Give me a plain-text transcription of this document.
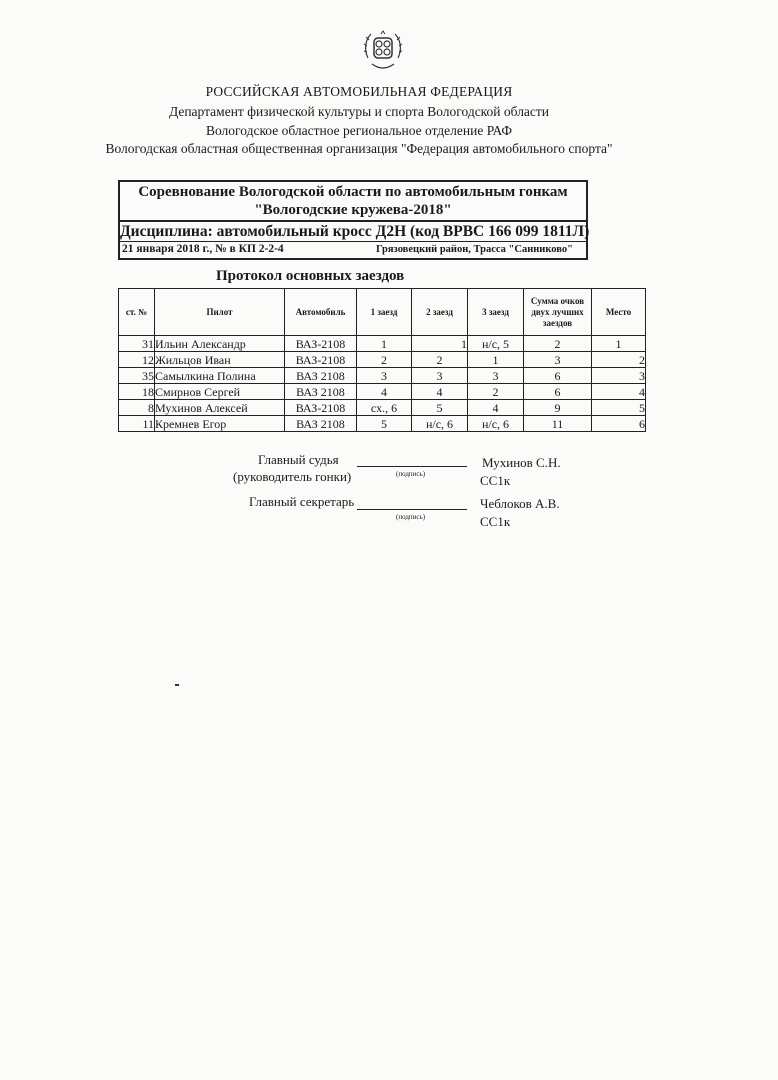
РОССИЙСКАЯ АВТОМОБИЛЬНАЯ ФЕДЕРАЦИЯ
Департамент физической культуры и спорта Вологодской области
Вологодское областное региональное отделение РАФ
Вологодская областная общественная организация "Федерация автомобильного спорта"
Соревнование Вологодской области по автомобильным гонкам
"Вологодские кружева-2018"
Дисциплина: автомобильный кросс Д2Н (код ВРВС 166 099 1811Л)
21 января 2018 г., № в КП 2-2-4	Грязовецкий район, Трасса "Санниково"
Протокол основных заездов
ст. №	Пилот	Автомобиль	1 заезд	2 заезд	3 заезд	Сумма очков двух лучших заездов	Место
31	Ильин Александр	ВАЗ-2108	1	1	н/с, 5	2	1
12	Жильцов Иван	ВАЗ-2108	2	2	1	3	2
35	Самылкина Полина	ВАЗ 2108	3	3	3	6	3
18	Смирнов Сергей	ВАЗ 2108	4	4	2	6	4
8	Мухинов Алексей	ВАЗ-2108	сх., 6	5	4	9	5
11	Кремнев Егор	ВАЗ 2108	5	н/с, 6	н/с, 6	11	6
Главный судья
(руководитель гонки)	(подпись)
Мухинов С.Н.
СС1к
Главный секретарь
(подпись)
Чеблоков А.В.
СС1к
